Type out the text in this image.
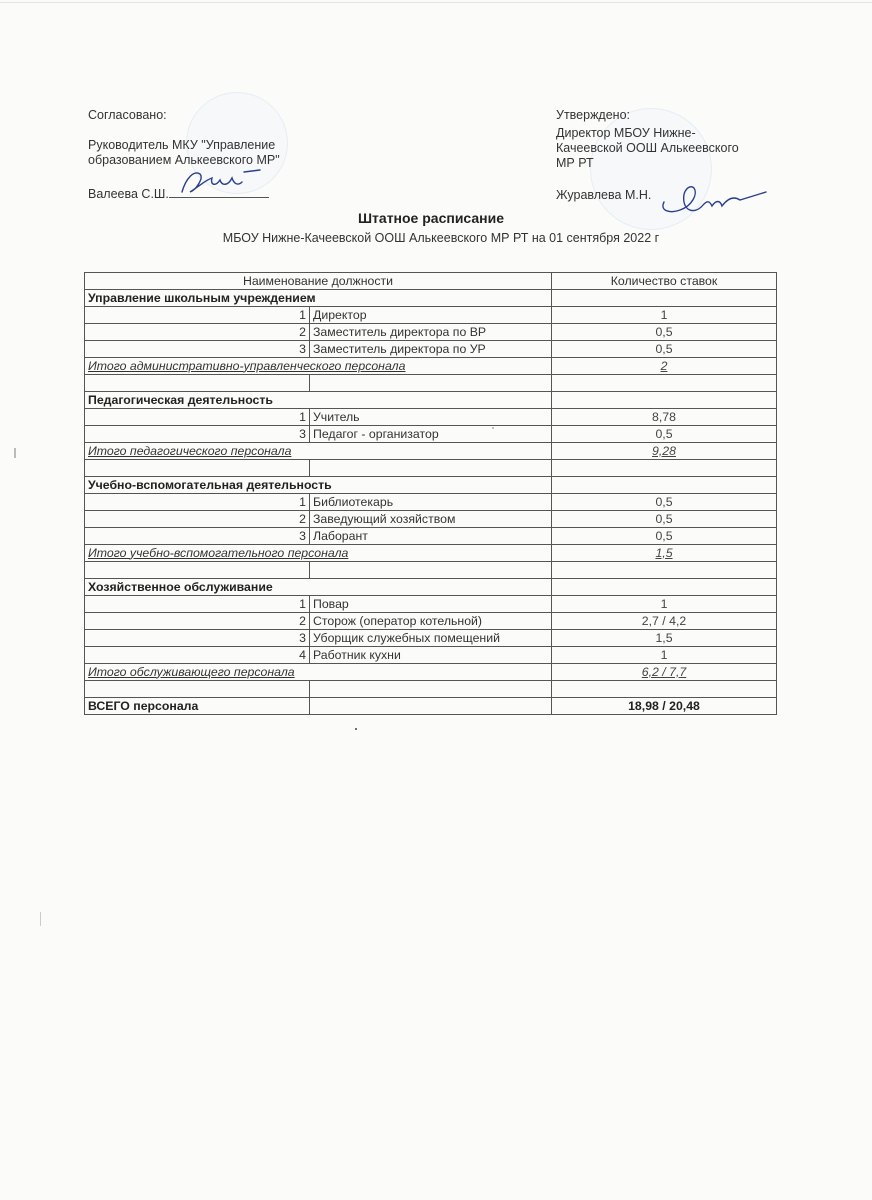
Согласовано:
Руководитель МКУ "Управление
образованием Алькеевского МР"
Валеева С.Ш.
Утверждено:
Директор МБОУ Нижне-
Качеевской ООШ Алькеевского
МР РТ
Журавлева М.Н.
Штатное расписание
МБОУ Нижне-Качеевской ООШ Алькеевского МР РТ на 01 сентября 2022 г
Наименование должности		Количество ставок
Управление школьным учреждением		
1	Директор	1
2	Заместитель директора по ВР	0,5
3	Заместитель директора по УР	0,5
Итого административно-управленческого персонала		2

Педагогическая деятельность		
1	Учитель	8,78
3	Педагог - организатор	0,5
Итого педагогического персонала		9,28

Учебно-вспомогательная деятельность		
1	Библиотекарь	0,5
2	Заведующий хозяйством	0,5
3	Лаборант	0,5
Итого учебно-вспомогательного персонала		1,5

Хозяйственное обслуживание		
1	Повар	1
2	Сторож (оператор котельной)	2,7 / 4,2
3	Уборщик служебных помещений	1,5
4	Работник кухни	1
Итого обслуживающего персонала		6,2 / 7,7

ВСЕГО персонала		18,98 / 20,48
